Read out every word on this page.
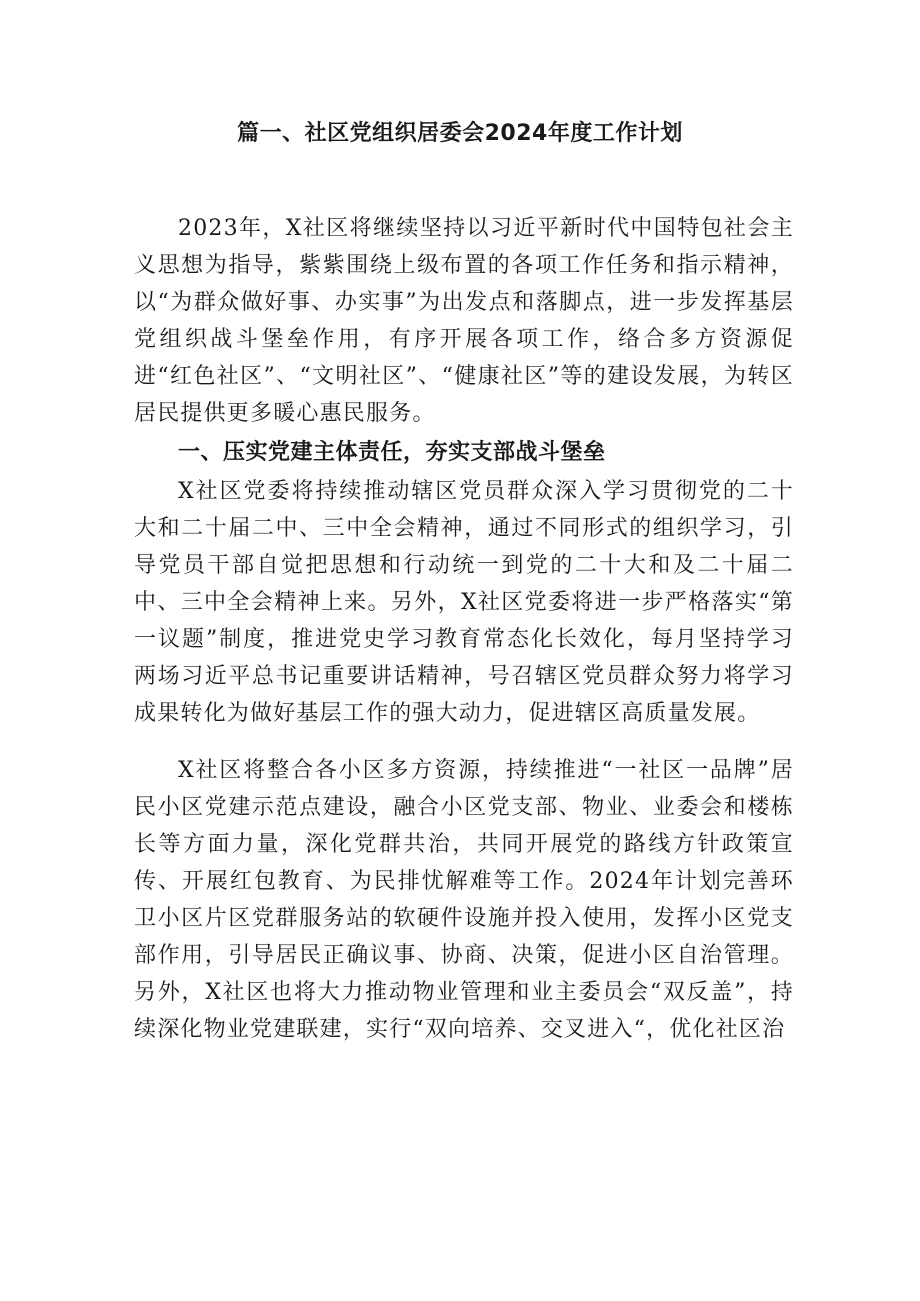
篇一、社区党组织居委会2024年度工作计划

2023年，X社区将继续坚持以习近平新时代中国特包社会主义思想为指导，紫紫围绕上级布置的各项工作任务和指示精神，以“为群众做好事、办实事”为出发点和落脚点，进一步发挥基层党组织战斗堡垒作用，有序开展各项工作，络合多方资源促进“红色社区”、“文明社区”、“健康社区”等的建设发展，为转区居民提供更多暖心惠民服务。

一、压实党建主体责任，夯实支部战斗堡垒

X社区党委将持续推动辖区党员群众深入学习贯彻党的二十大和二十届二中、三中全会精神，通过不同形式的组织学习，引导党员干部自觉把思想和行动统一到党的二十大和及二十届二中、三中全会精神上来。另外，X社区党委将进一步严格落实“第一议题”制度，推进党史学习教育常态化长效化，每月坚持学习两场习近平总书记重要讲话精神，号召辖区党员群众努力将学习成果转化为做好基层工作的强大动力，促进辖区高质量发展。

X社区将整合各小区多方资源，持续推进“一社区一品牌”居民小区党建示范点建设，融合小区党支部、物业、业委会和楼栋长等方面力量，深化党群共治，共同开展党的路线方针政策宣传、开展红包教育、为民排忧解难等工作。2024年计划完善环卫小区片区党群服务站的软硬件设施并投入使用，发挥小区党支部作用，引导居民正确议事、协商、决策，促进小区自治管理。另外，X社区也将大力推动物业管理和业主委员会“双反盖”，持续深化物业党建联建，实行“双向培养、交叉进入“，优化社区治
